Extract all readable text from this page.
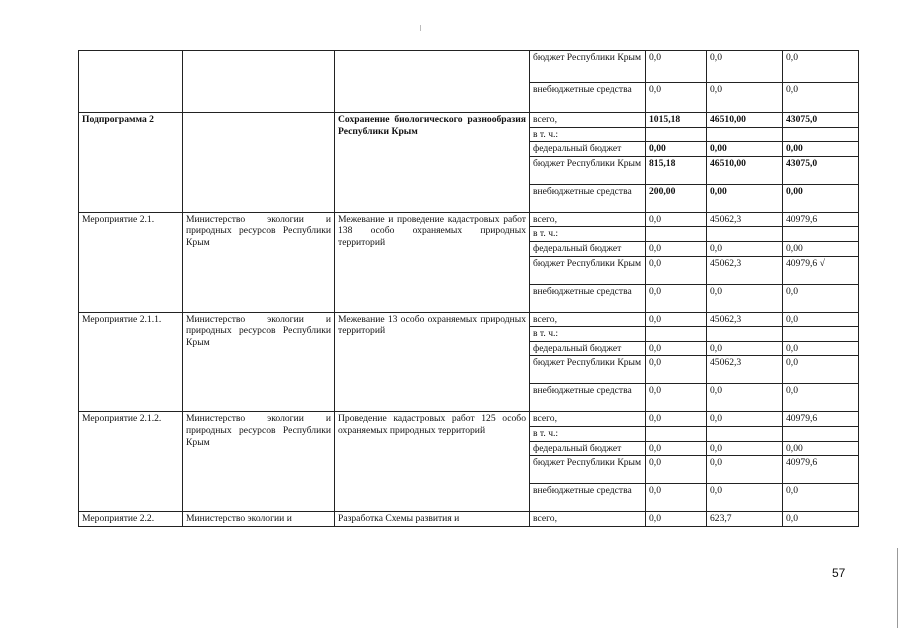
			бюджет Республики Крым	0,0	0,0	0,0
			внебюджетные средства	0,0	0,0	0,0
Подпрограмма 2		Сохранение биологического разнообразия Республики Крым	всего,	1015,18	46510,00	43075,0
			в т. ч.:			
			федеральный бюджет	0,00	0,00	0,00
			бюджет Республики Крым	815,18	46510,00	43075,0
			внебюджетные средства	200,00	0,00	0,00
Мероприятие 2.1.	Министерство экологии и природных ресурсов Республики Крым	Межевание и проведение кадастровых работ 138 особо охраняемых природных территорий	всего,	0,0	45062,3	40979,6
			в т. ч.:			
			федеральный бюджет	0,0	0,0	0,00
			бюджет Республики Крым	0,0	45062,3	40979,6 √
			внебюджетные средства	0,0	0,0	0,0
Мероприятие 2.1.1.	Министерство экологии и природных ресурсов Республики Крым	Межевание 13 особо охраняемых природных территорий	всего,	0,0	45062,3	0,0
			в т. ч.:			
			федеральный бюджет	0,0	0,0	0,0
			бюджет Республики Крым	0,0	45062,3	0,0
			внебюджетные средства	0,0	0,0	0,0
Мероприятие 2.1.2.	Министерство экологии и природных ресурсов Республики Крым	Проведение кадастровых работ 125 особо охраняемых природных территорий	всего,	0,0	0,0	40979,6
			в т. ч.:			
			федеральный бюджет	0,0	0,0	0,00
			бюджет Республики Крым	0,0	0,0	40979,6
			внебюджетные средства	0,0	0,0	0,0
Мероприятие 2.2.	Министерство экологии и	Разработка Схемы развития и	всего,	0,0	623,7	0,0
57
